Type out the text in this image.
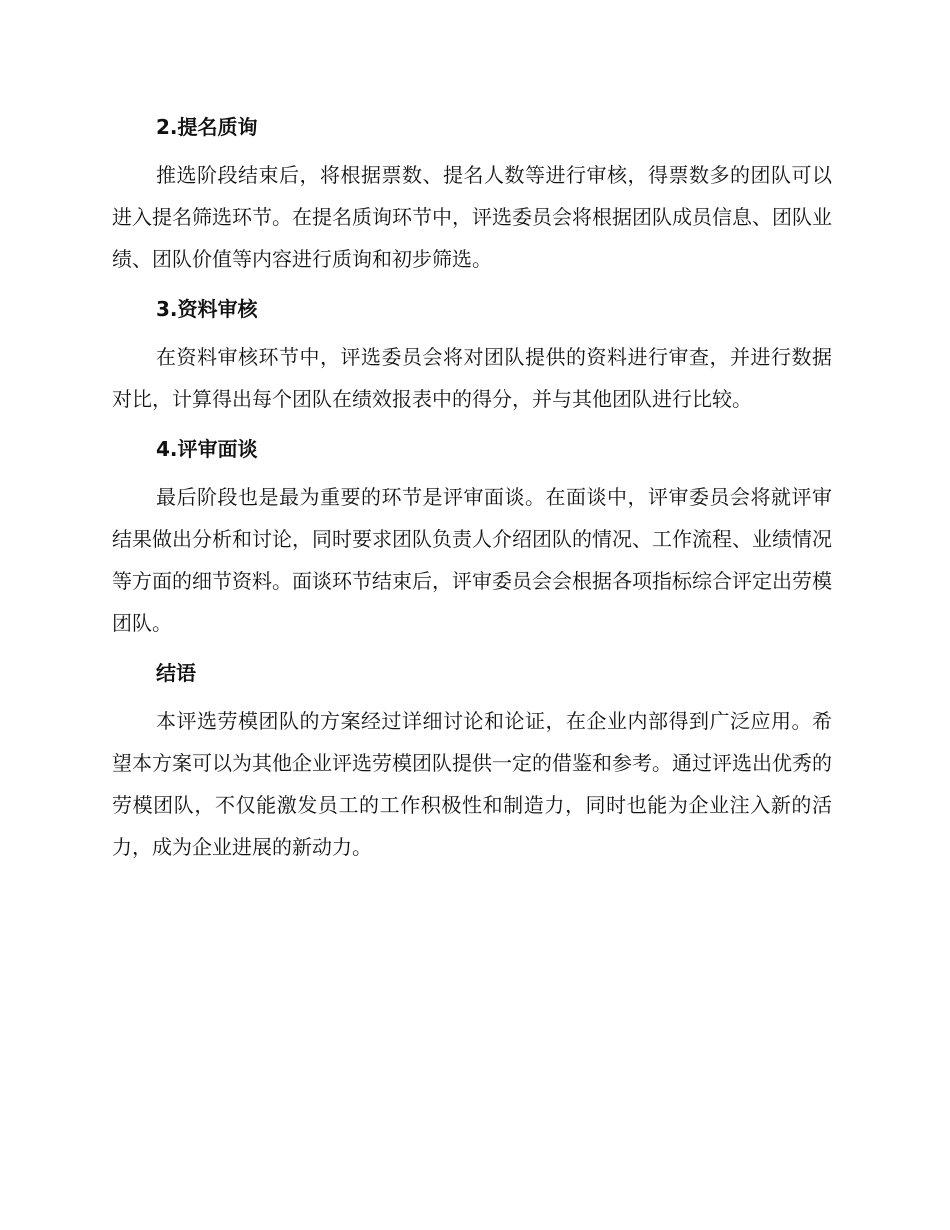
2.提名质询

推选阶段结束后，将根据票数、提名人数等进行审核，得票数多的团队可以进入提名筛选环节。在提名质询环节中，评选委员会将根据团队成员信息、团队业绩、团队价值等内容进行质询和初步筛选。

3.资料审核

在资料审核环节中，评选委员会将对团队提供的资料进行审查，并进行数据对比，计算得出每个团队在绩效报表中的得分，并与其他团队进行比较。

4.评审面谈

最后阶段也是最为重要的环节是评审面谈。在面谈中，评审委员会将就评审结果做出分析和讨论，同时要求团队负责人介绍团队的情况、工作流程、业绩情况等方面的细节资料。面谈环节结束后，评审委员会会根据各项指标综合评定出劳模团队。

结语

本评选劳模团队的方案经过详细讨论和论证，在企业内部得到广泛应用。希望本方案可以为其他企业评选劳模团队提供一定的借鉴和参考。通过评选出优秀的劳模团队，不仅能激发员工的工作积极性和制造力，同时也能为企业注入新的活力，成为企业进展的新动力。
